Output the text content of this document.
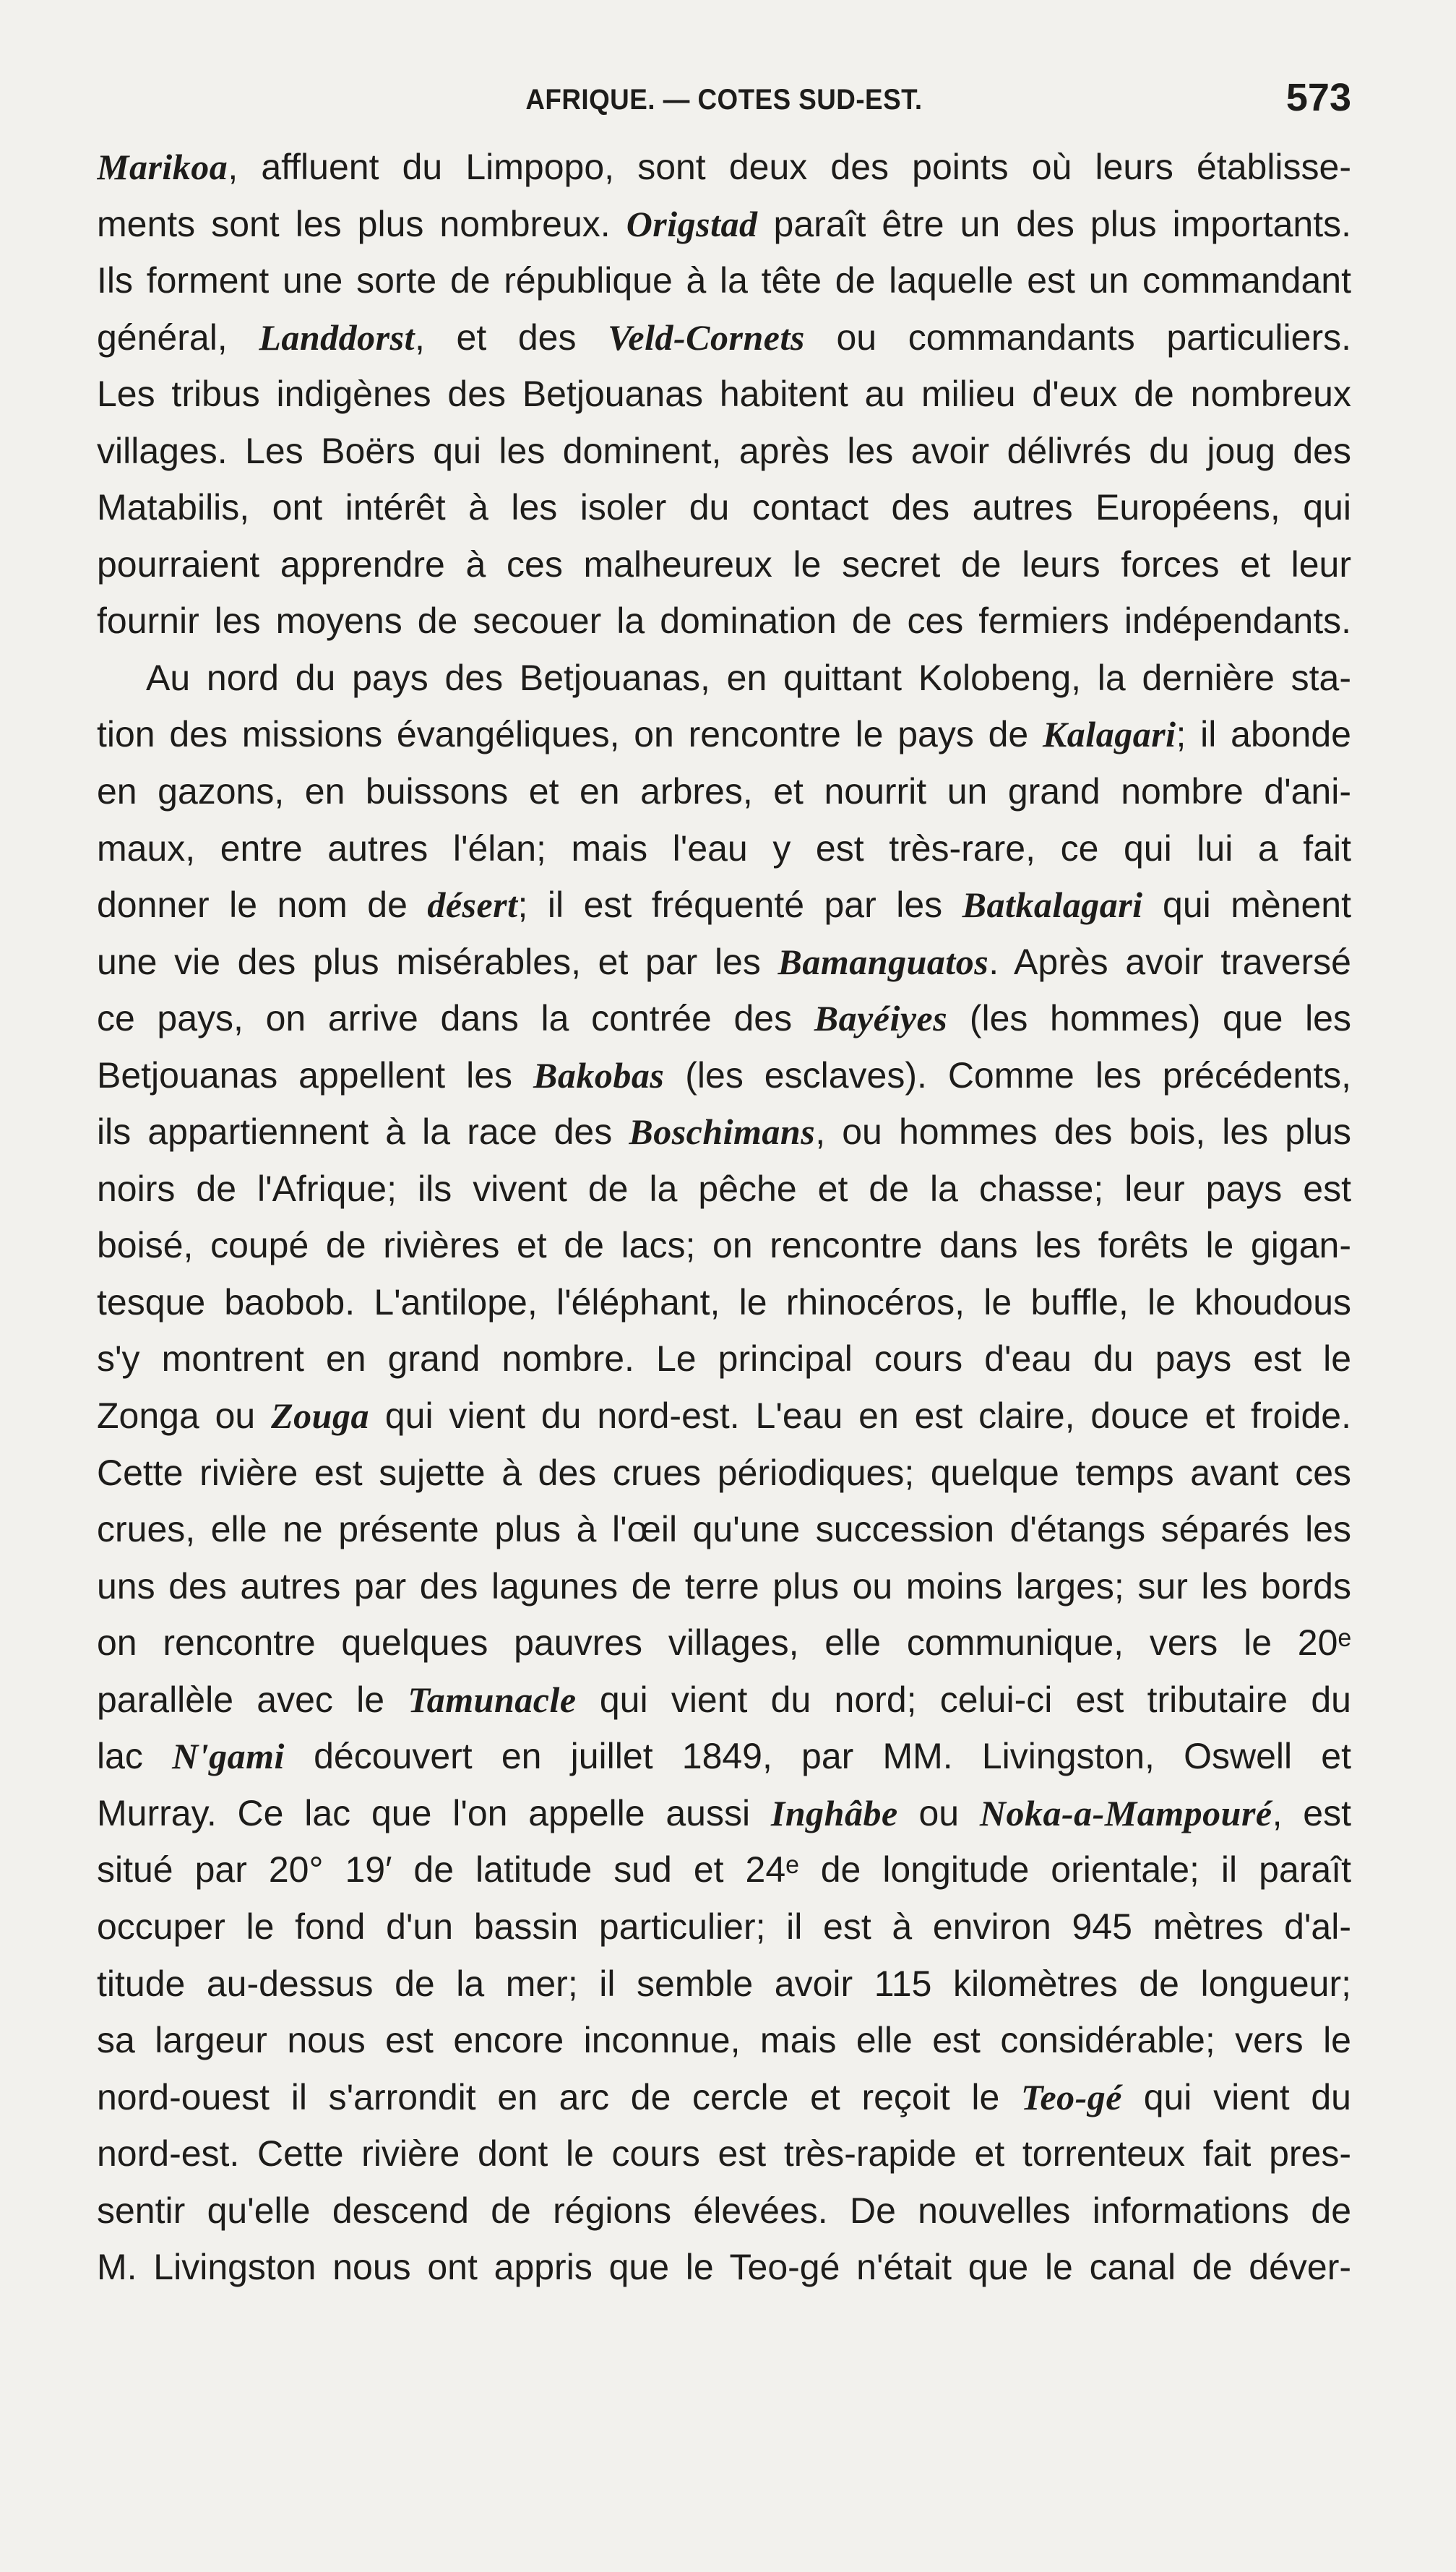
AFRIQUE. — COTES SUD-EST.	573
Marikoa, affluent du Limpopo, sont deux des points où leurs établisse-
ments sont les plus nombreux. Origstad paraît être un des plus importants.
Ils forment une sorte de république à la tête de laquelle est un commandant
général, Landdorst, et des Veld-Cornets ou commandants particuliers.
Les tribus indigènes des Betjouanas habitent au milieu d'eux de nombreux
villages. Les Boërs qui les dominent, après les avoir délivrés du joug des
Matabilis, ont intérêt à les isoler du contact des autres Européens, qui
pourraient apprendre à ces malheureux le secret de leurs forces et leur
fournir les moyens de secouer la domination de ces fermiers indépendants.
Au nord du pays des Betjouanas, en quittant Kolobeng, la dernière sta-
tion des missions évangéliques, on rencontre le pays de Kalagari; il abonde
en gazons, en buissons et en arbres, et nourrit un grand nombre d'ani-
maux, entre autres l'élan; mais l'eau y est très-rare, ce qui lui a fait
donner le nom de désert; il est fréquenté par les Batkalagari qui mènent
une vie des plus misérables, et par les Bamanguatos. Après avoir traversé
ce pays, on arrive dans la contrée des Bayéiyes (les hommes) que les
Betjouanas appellent les Bakobas (les esclaves). Comme les précédents,
ils appartiennent à la race des Boschimans, ou hommes des bois, les plus
noirs de l'Afrique; ils vivent de la pêche et de la chasse; leur pays est
boisé, coupé de rivières et de lacs; on rencontre dans les forêts le gigan-
tesque baobob. L'antilope, l'éléphant, le rhinocéros, le buffle, le khoudous
s'y montrent en grand nombre. Le principal cours d'eau du pays est le
Zonga ou Zouga qui vient du nord-est. L'eau en est claire, douce et froide.
Cette rivière est sujette à des crues périodiques; quelque temps avant ces
crues, elle ne présente plus à l'œil qu'une succession d'étangs séparés les
uns des autres par des lagunes de terre plus ou moins larges; sur les bords
on rencontre quelques pauvres villages, elle communique, vers le 20ᵉ
parallèle avec le Tamunacle qui vient du nord; celui-ci est tributaire du
lac N'gami découvert en juillet 1849, par MM. Livingston, Oswell et
Murray. Ce lac que l'on appelle aussi Inghâbe ou Noka-a-Mampouré, est
situé par 20° 19′ de latitude sud et 24ᵉ de longitude orientale; il paraît
occuper le fond d'un bassin particulier; il est à environ 945 mètres d'al-
titude au-dessus de la mer; il semble avoir 115 kilomètres de longueur;
sa largeur nous est encore inconnue, mais elle est considérable; vers le
nord-ouest il s'arrondit en arc de cercle et reçoit le Teo-gé qui vient du
nord-est. Cette rivière dont le cours est très-rapide et torrenteux fait pres-
sentir qu'elle descend de régions élevées. De nouvelles informations de
M. Livingston nous ont appris que le Teo-gé n'était que le canal de déver-
